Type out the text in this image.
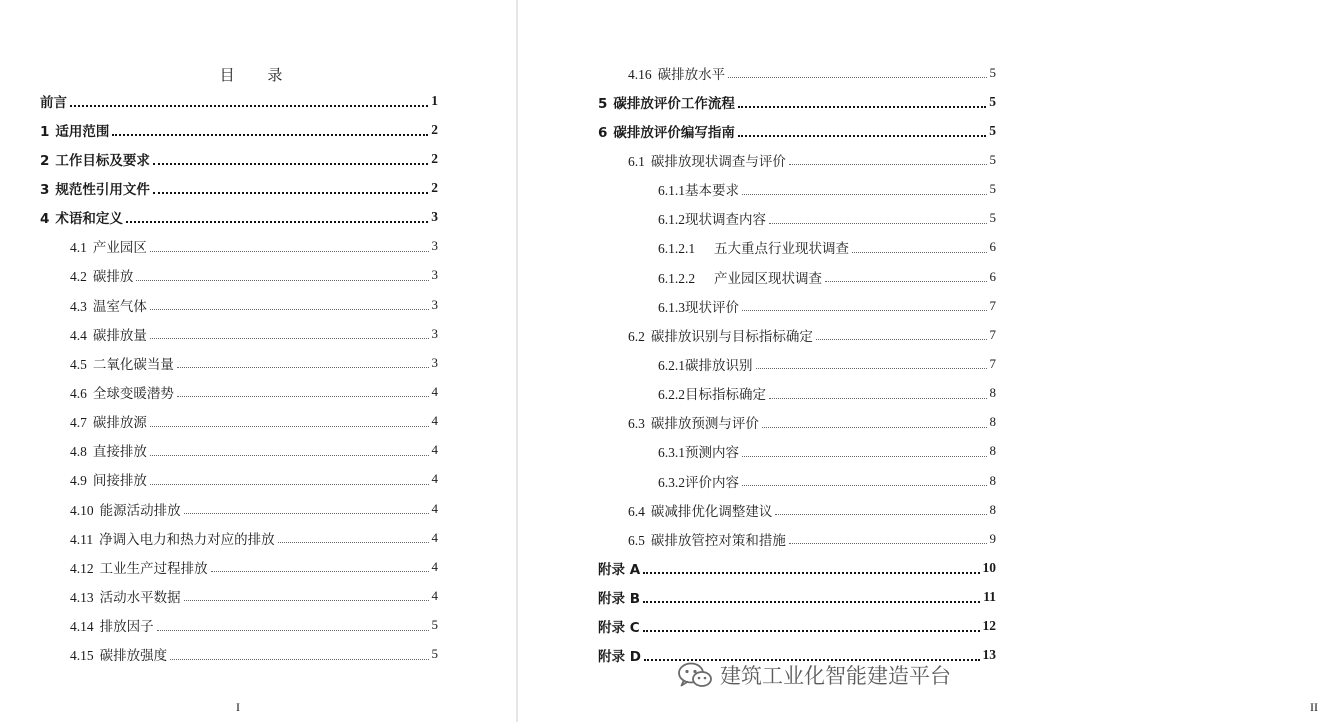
目 录
I	II
前言	1
1 适用范围	2
2 工作目标及要求	2
3 规范性引用文件	2
4 术语和定义	3
4.1 产业园区	3
4.2 碳排放	3
4.3 温室气体	3
4.4 碳排放量	3
4.5 二氧化碳当量	3
4.6 全球变暖潜势	4
4.7 碳排放源	4
4.8 直接排放	4
4.9 间接排放	4
4.10 能源活动排放	4
4.11 净调入电力和热力对应的排放	4
4.12 工业生产过程排放	4
4.13 活动水平数据	4
4.14 排放因子	5
4.15 碳排放强度	5
4.16 碳排放水平	5
5 碳排放评价工作流程	5
6 碳排放评价编写指南	5
6.1 碳排放现状调查与评价	5
6.1.1基本要求	5
6.1.2现状调查内容	5
6.1.2.1 五大重点行业现状调查	6
6.1.2.2 产业园区现状调查	6
6.1.3现状评价	7
6.2 碳排放识别与目标指标确定	7
6.2.1碳排放识别	7
6.2.2目标指标确定	8
6.3 碳排放预测与评价	8
6.3.1预测内容	8
6.3.2评价内容	8
6.4 碳减排优化调整建议	8
6.5 碳排放管控对策和措施	9
附录 A	10
附录 B	11
附录 C	12
附录 D	13
建筑工业化智能建造平台
